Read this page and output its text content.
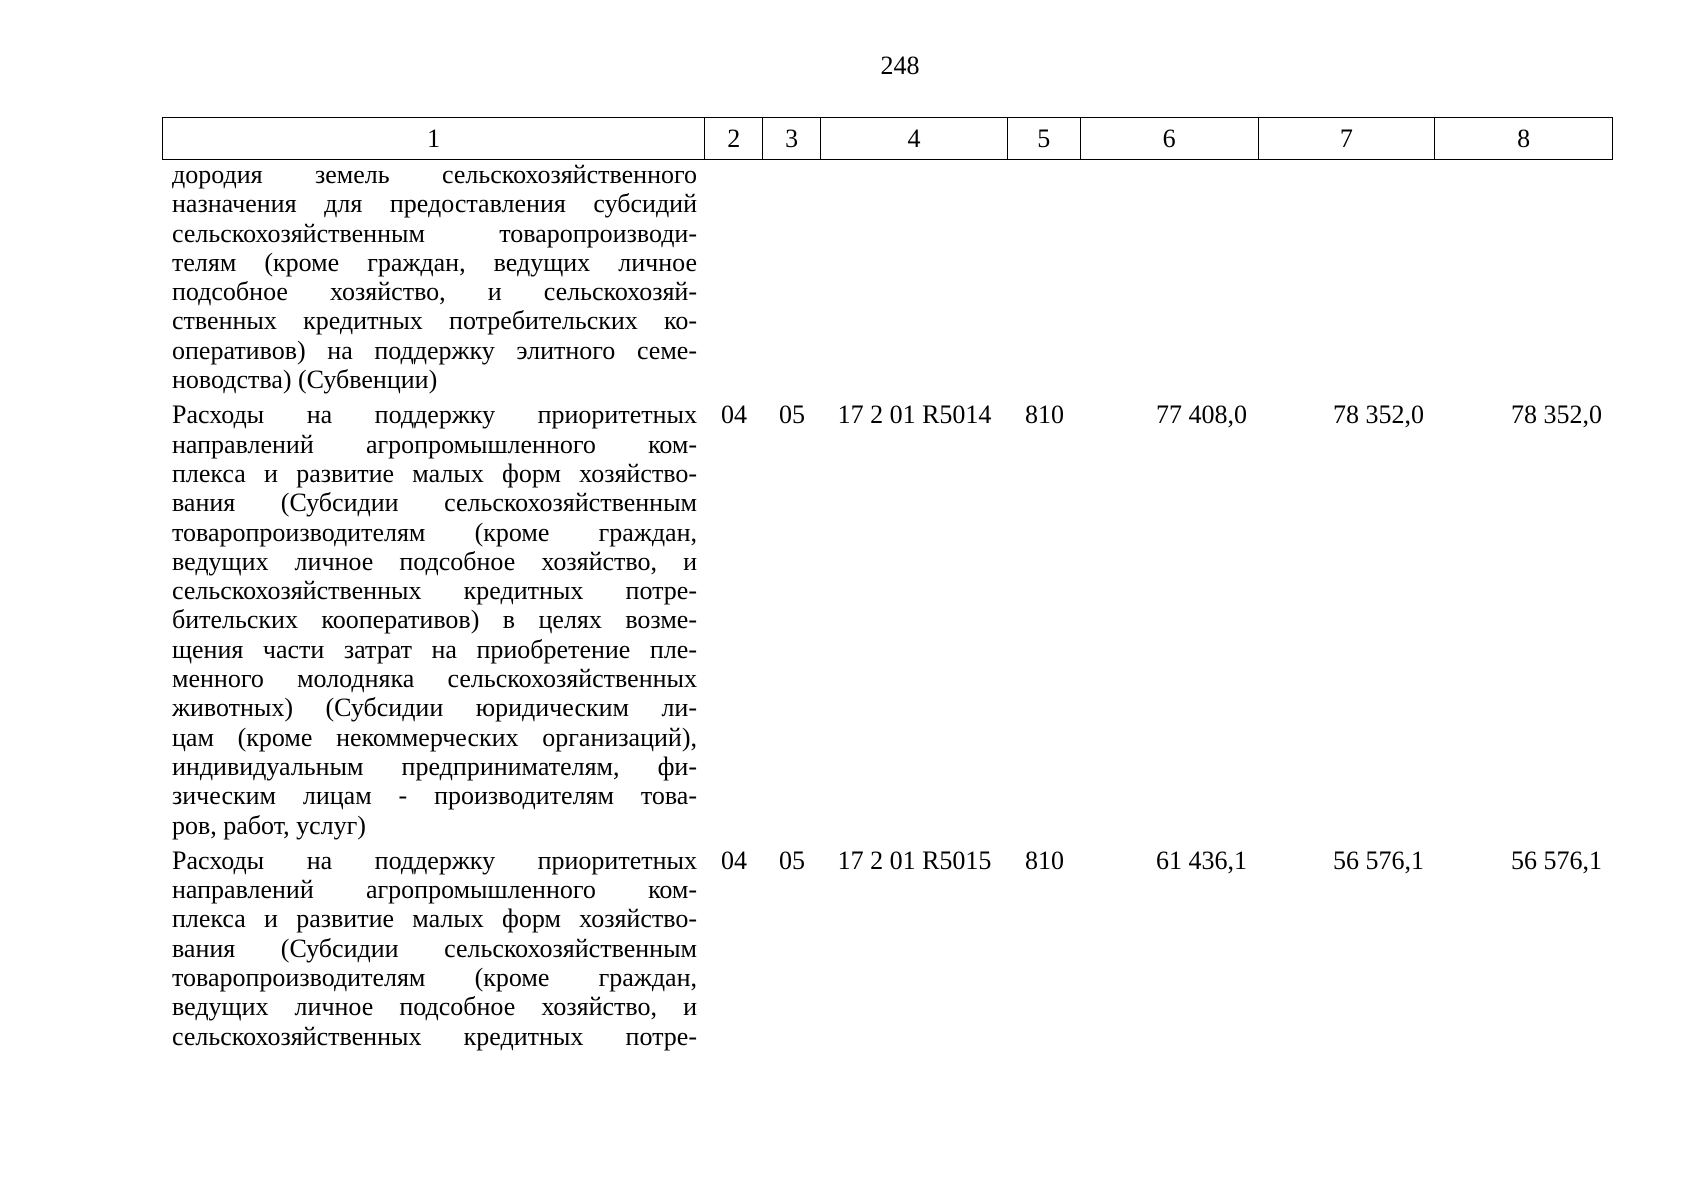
248
1	2	3	4	5	6	7	8
дородия земель сельскохозяйственного
назначения для предоставления субсидий
сельскохозяйственным товаропроизводи-
телям (кроме граждан, ведущих личное
подсобное хозяйство, и сельскохозяй-
ственных кредитных потребительских ко-
оперативов) на поддержку элитного семе-
новодства) (Субвенции)
Расходы на поддержку приоритетных
направлений агропромышленного ком-
плекса и развитие малых форм хозяйство-
вания (Субсидии сельскохозяйственным
товаропроизводителям (кроме граждан,
ведущих личное подсобное хозяйство, и
сельскохозяйственных кредитных потре-
бительских кооперативов) в целях возме-
щения части затрат на приобретение пле-
менного молодняка сельскохозяйственных
животных) (Субсидии юридическим ли-
цам (кроме некоммерческих организаций),
индивидуальным предпринимателям, фи-
зическим лицам - производителям това-
ров, работ, услуг)
04	05	17 2 01 R5014	810	77 408,0	78 352,0	78 352,0
Расходы на поддержку приоритетных
направлений агропромышленного ком-
плекса и развитие малых форм хозяйство-
вания (Субсидии сельскохозяйственным
товаропроизводителям (кроме граждан,
ведущих личное подсобное хозяйство, и
сельскохозяйственных кредитных потре-
04	05	17 2 01 R5015	810	61 436,1	56 576,1	56 576,1
